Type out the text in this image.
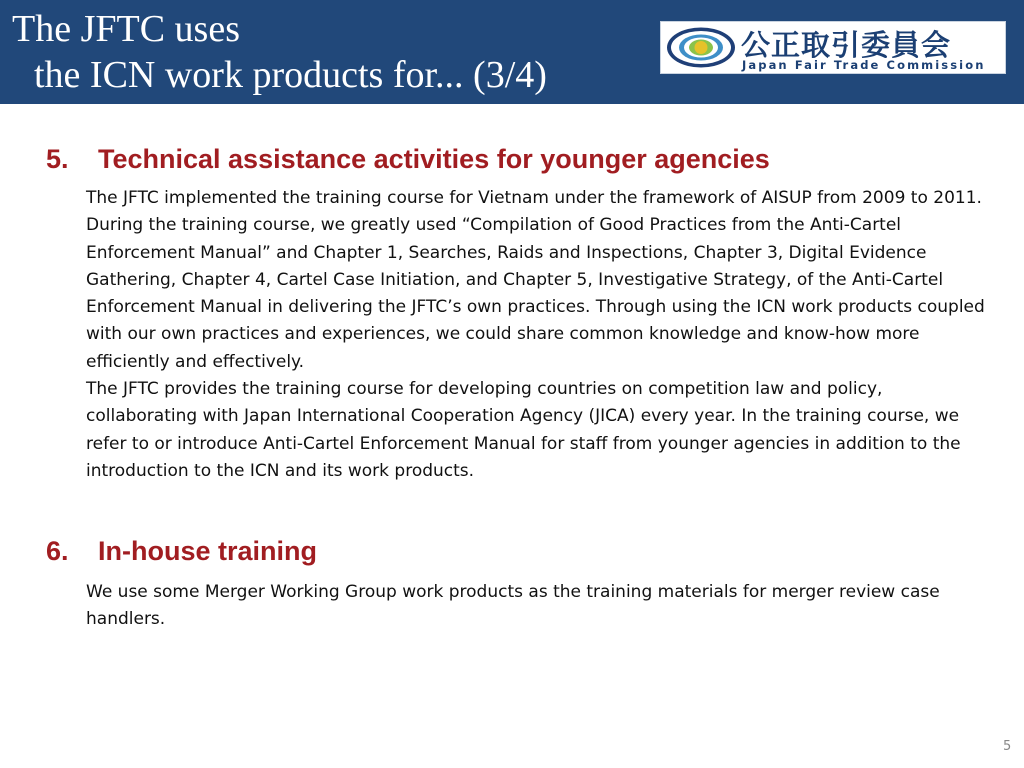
The JFTC uses
the ICN work products for... (3/4)
公正取引委員会
Japan Fair Trade Commission
5. Technical assistance activities for younger agencies

The JFTC implemented the training course for Vietnam under the framework of AISUP from 2009 to 2011. During the training course, we greatly used “Compilation of Good Practices from the Anti-Cartel Enforcement Manual” and Chapter 1, Searches, Raids and Inspections, Chapter 3, Digital Evidence Gathering, Chapter 4, Cartel Case Initiation, and Chapter 5, Investigative Strategy, of the Anti-Cartel Enforcement Manual in delivering the JFTC’s own practices. Through using the ICN work products coupled with our own practices and experiences, we could share common knowledge and know-how more efficiently and effectively.

The JFTC provides the training course for developing countries on competition law and policy, collaborating with Japan International Cooperation Agency (JICA) every year. In the training course, we refer to or introduce Anti-Cartel Enforcement Manual for staff from younger agencies in addition to the introduction to the ICN and its work products.

6. In-house training

We use some Merger Working Group work products as the training materials for merger review case handlers.

5
